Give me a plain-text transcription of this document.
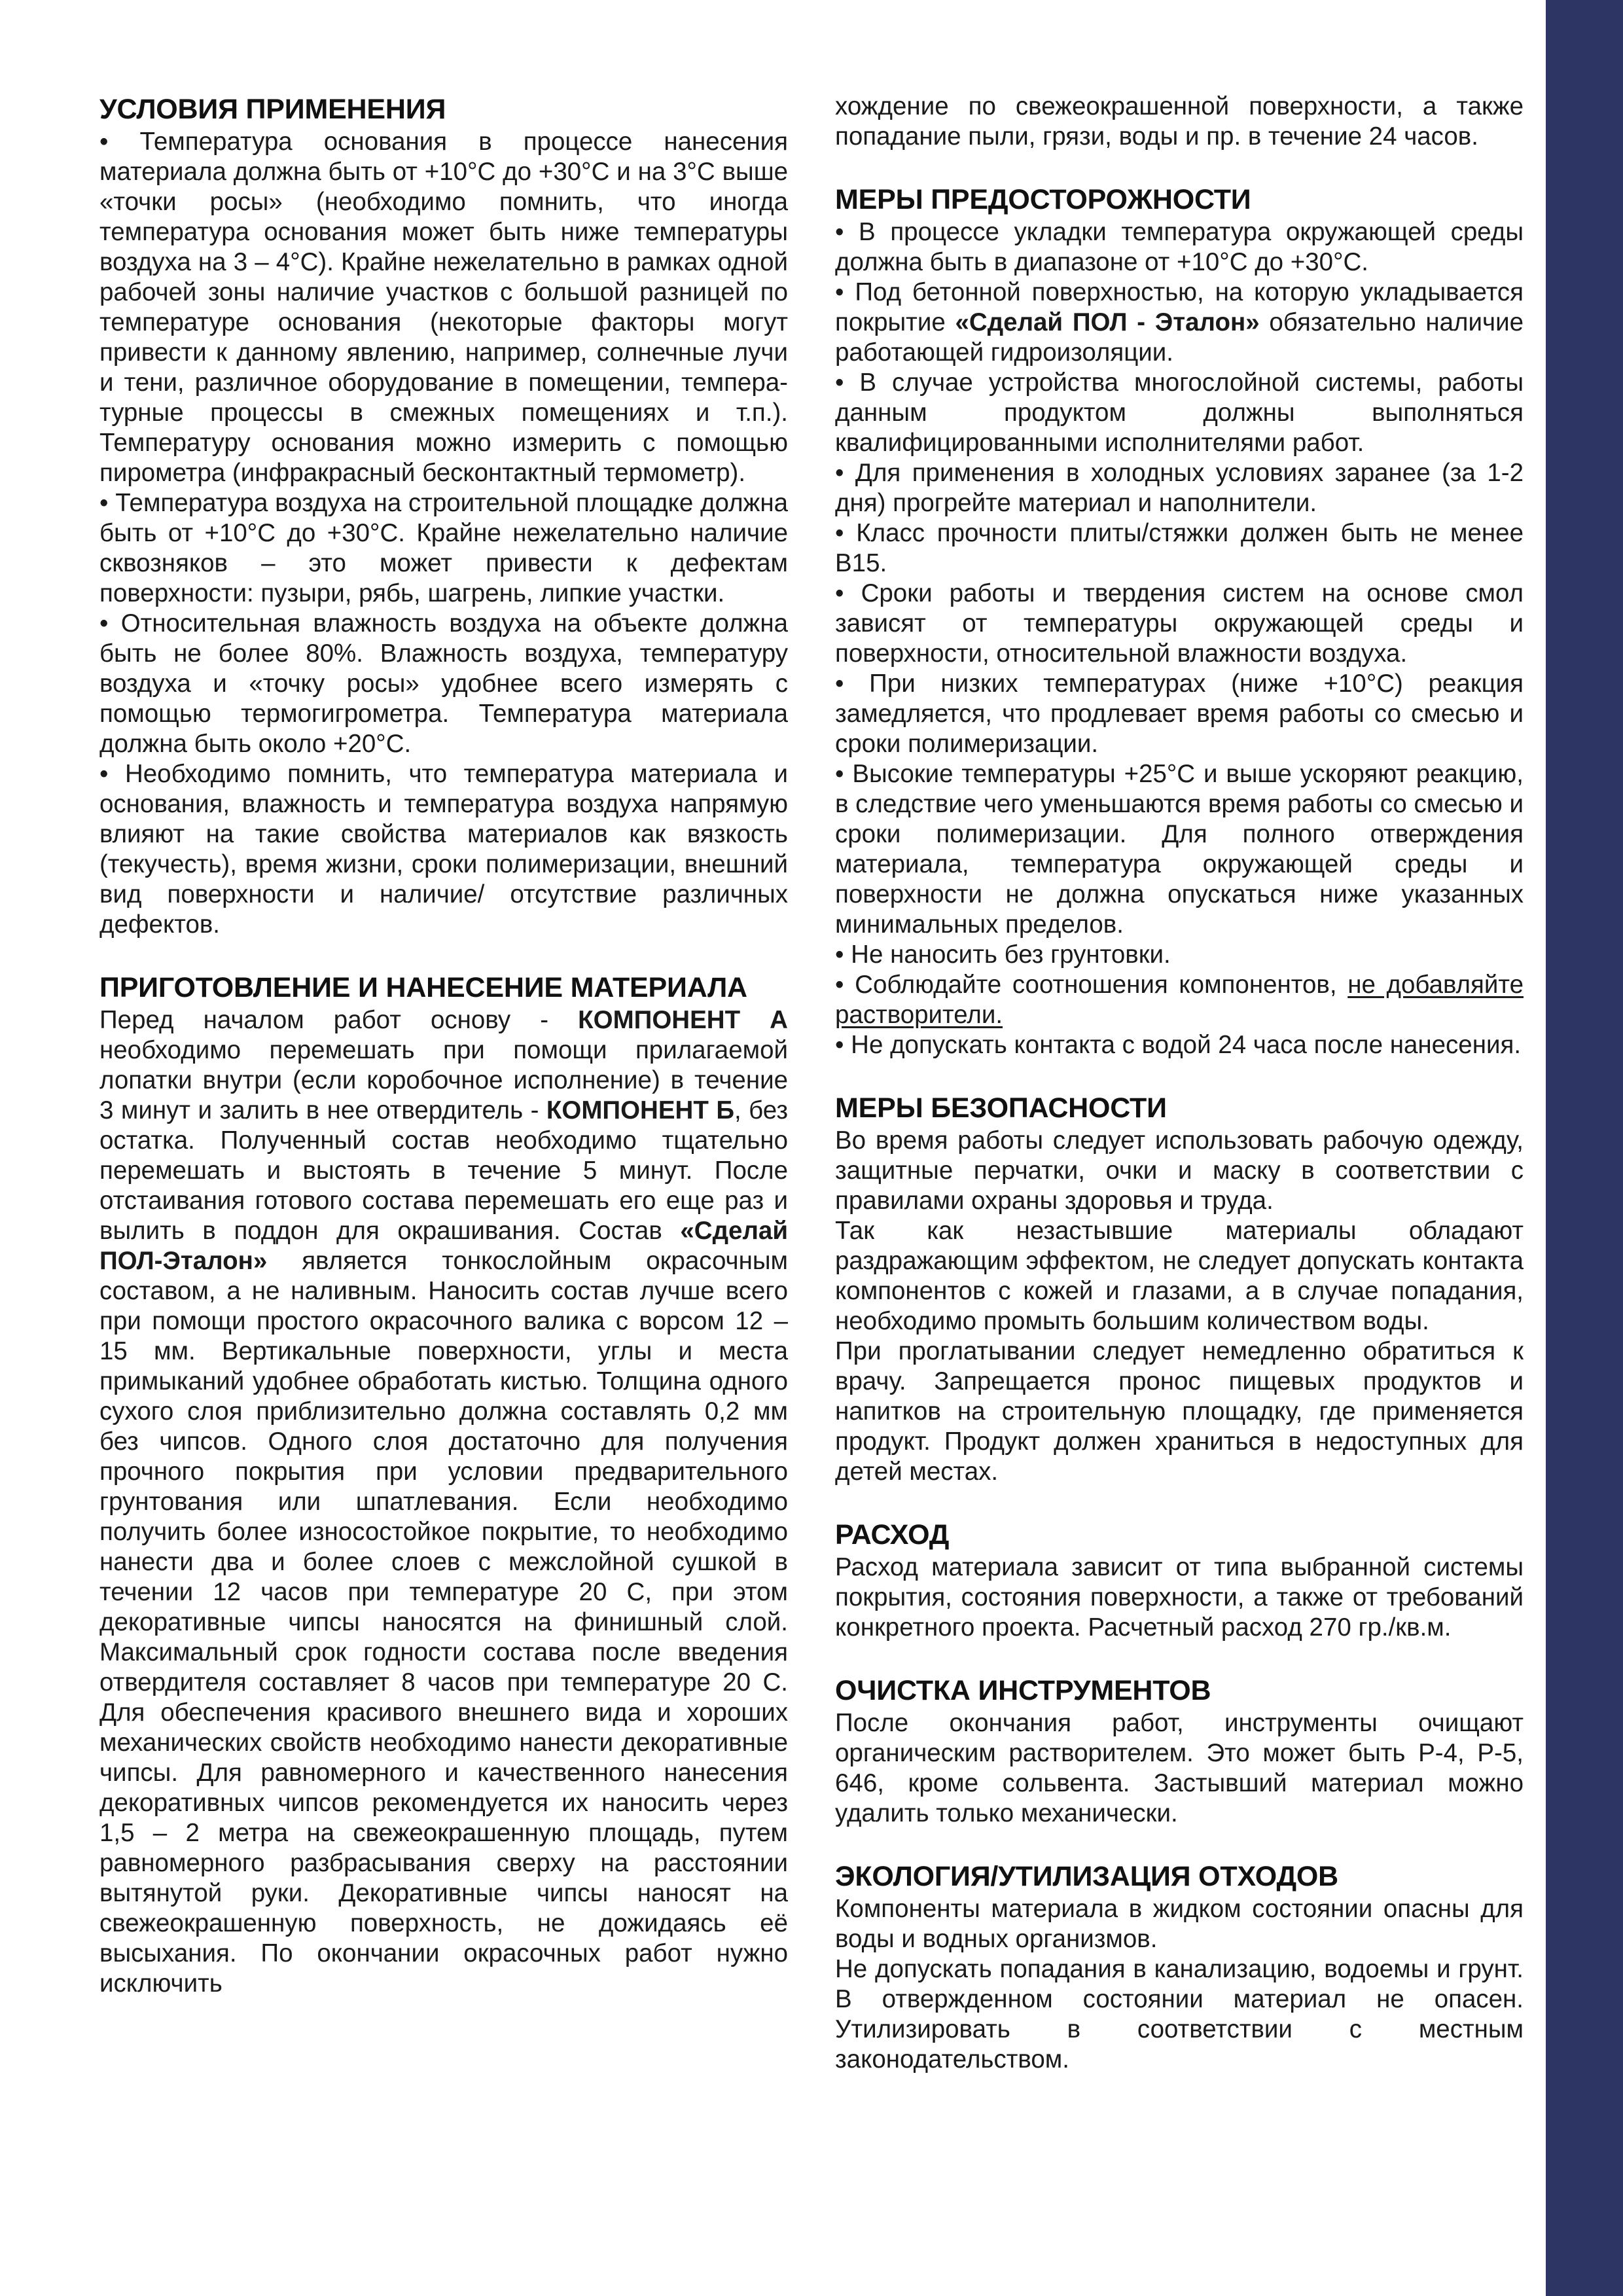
УСЛОВИЯ ПРИМЕНЕНИЯ

• Температура основания в процессе нанесения материала должна быть от +10°С до +30°С и на 3°С выше «точки росы» (необходимо помнить, что иногда температура основания может быть ниже температуры воздуха на 3 – 4°С). Крайне нежелательно в рамках одной рабочей зоны наличие участков с большой разницей по температуре основания (некоторые факторы могут привести к данному явлению, например, солнечные лучи и тени, различное оборудование в помещении, температурные процессы в смежных помещениях и т.п.). Температуру основания можно измерить с помощью пирометра (инфракрасный бесконтактный термометр).

• Температура воздуха на строительной площадке должна быть от +10°С до +30°С. Крайне нежелательно наличие сквозняков – это может привести к дефектам поверхности: пузыри, рябь, шагрень, липкие участки.

• Относительная влажность воздуха на объекте должна быть не более 80%. Влажность воздуха, температуру воздуха и «точку росы» удобнее всего измерять с помощью термогигрометра. Температура материала должна быть около +20°С.

• Необходимо помнить, что температура материала и основания, влажность и температура воздуха напрямую влияют на такие свойства материалов как вязкость (текучесть), время жизни, сроки полимеризации, внешний вид поверхности и наличие/ отсутствие различных дефектов.

ПРИГОТОВЛЕНИЕ И НАНЕСЕНИЕ МАТЕРИАЛА

Перед началом работ основу - КОМПОНЕНТ А необходимо перемешать при помощи прилагаемой лопатки внутри (если коробочное исполнение) в течение 3 минут и залить в нее отвердитель - КОМПОНЕНТ Б, без остатка. Полученный состав необходимо тщательно перемешать и выстоять в течение 5 минут. После отстаивания готового состава перемешать его еще раз и вылить в поддон для окрашивания. Состав «Сделай ПОЛ-Эталон» является тонкослойным окрасочным составом, а не наливным. Наносить состав лучше всего при помощи простого окрасочного валика с ворсом 12 – 15 мм. Вертикальные поверхности, углы и места примыканий удобнее обработать кистью. Толщина одного сухого слоя приблизительно должна составлять 0,2 мм без чипсов. Одного слоя достаточно для получения прочного покрытия при условии предварительного грунтования или шпатлевания. Если необходимо получить более износостойкое покрытие, то необходимо нанести два и более слоев с межслойной сушкой в течении 12 часов при температуре 20 С, при этом декоративные чипсы наносятся на финишный слой. Максимальный срок годности состава после введения отвердителя составляет 8 часов при температуре 20 С. Для обеспечения красивого внешнего вида и хороших механических свойств необходимо нанести декоративные чипсы. Для равномерного и качественного нанесения декоративных чипсов рекомендуется их наносить через 1,5 – 2 метра на свежеокрашенную площадь, путем равномерного разбрасывания сверху на расстоянии вытянутой руки. Декоративные чипсы наносят на свежеокрашенную поверхность, не дожидаясь её высыхания. По окончании окрасочных работ нужно исключить

хождение по свежеокрашенной поверхности, а также попадание пыли, грязи, воды и пр. в течение 24 часов.

МЕРЫ ПРЕДОСТОРОЖНОСТИ

• В процессе укладки температура окружающей среды должна быть в диапазоне от +10°С до +30°С.

• Под бетонной поверхностью, на которую укладывается покрытие «Сделай ПОЛ - Эталон» обязательно наличие работающей гидроизоляции.

• В случае устройства многослойной системы, работы данным продуктом должны выполняться квалифицированными исполнителями работ.

• Для применения в холодных условиях заранее (за 1-2 дня) прогрейте материал и наполнители.

• Класс прочности плиты/стяжки должен быть не менее В15.

• Сроки работы и твердения систем на основе смол зависят от температуры окружающей среды и поверхности, относительной влажности воздуха.

• При низких температурах (ниже +10°С) реакция замедляется, что продлевает время работы со смесью и сроки полимеризации.

• Высокие температуры +25°С и выше ускоряют реакцию, в следствие чего уменьшаются время работы со смесью и сроки полимеризации. Для полного отверждения материала, температура окружающей среды и поверхности не должна опускаться ниже указанных минимальных пределов.

• Не наносить без грунтовки.

• Соблюдайте соотношения компонентов, не добавляйте растворители.

• Не допускать контакта с водой 24 часа после нанесения.

МЕРЫ БЕЗОПАСНОСТИ

Во время работы следует использовать рабочую одежду, защитные перчатки, очки и маску в соответствии с правилами охраны здоровья и труда.

Так как незастывшие материалы обладают раздражающим эффектом, не следует допускать контакта компонентов с кожей и глазами, а в случае попадания, необходимо промыть большим количеством воды.

При проглатывании следует немедленно обратиться к врачу. Запрещается пронос пищевых продуктов и напитков на строительную площадку, где применяется продукт. Продукт должен храниться в недоступных для детей местах.

РАСХОД

Расход материала зависит от типа выбранной системы покрытия, состояния поверхности, а также от требований конкретного проекта. Расчетный расход 270 гр./кв.м.

ОЧИСТКА ИНСТРУМЕНТОВ

После окончания работ, инструменты очищают органическим растворителем. Это может быть Р-4, Р-5, 646, кроме сольвента. Застывший материал можно удалить только механически.

ЭКОЛОГИЯ/УТИЛИЗАЦИЯ ОТХОДОВ

Компоненты материала в жидком состоянии опасны для воды и водных организмов.

Не допускать попадания в канализацию, водоемы и грунт. В отвержденном состоянии материал не опасен. Утилизировать в соответствии с местным законодательством.
